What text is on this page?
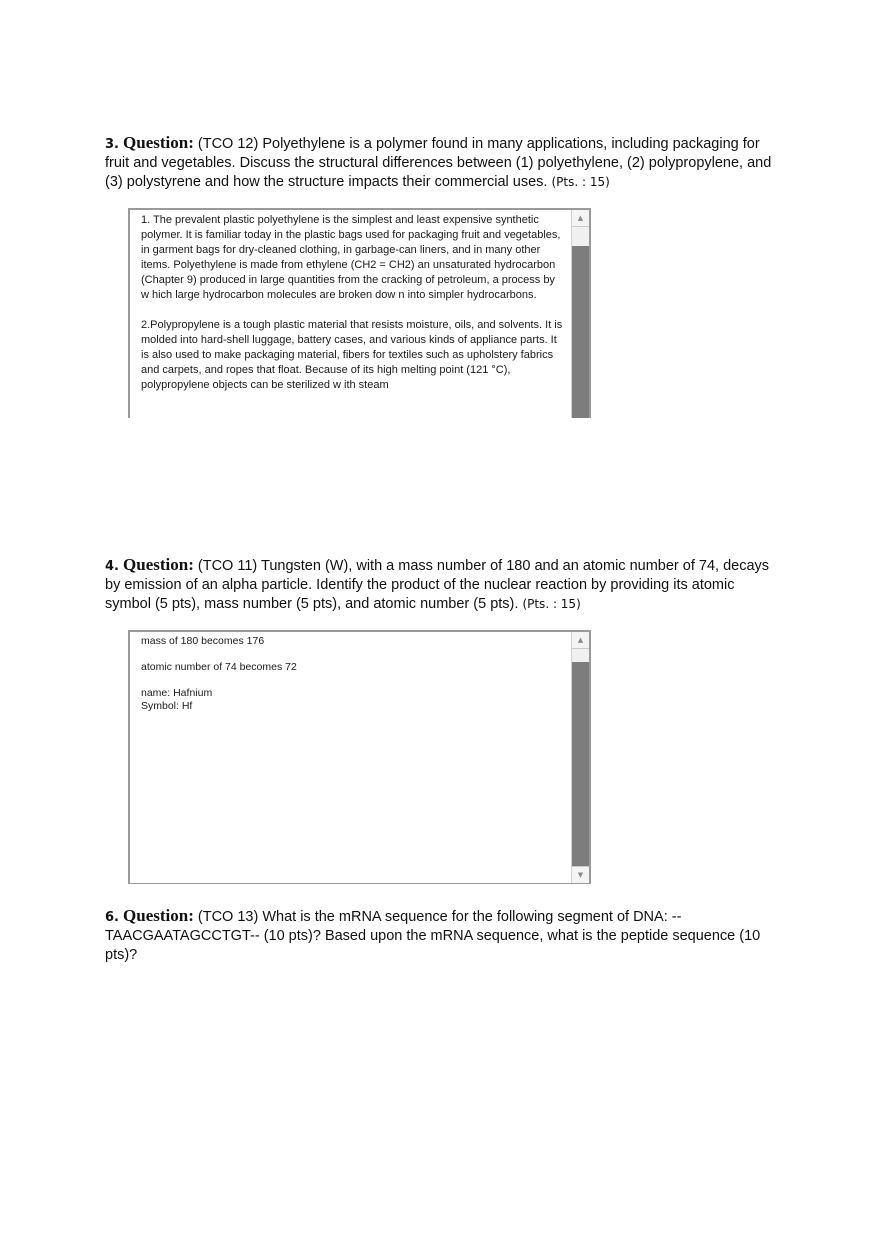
3. Question: (TCO 12) Polyethylene is a polymer found in many applications, including packaging for fruit and vegetables. Discuss the structural differences between (1) polyethylene, (2) polypropylene, and (3) polystyrene and how the structure impacts their commercial uses. (Pts. : 15)

1. The prevalent plastic polyethylene is the simplest and least expensive synthetic polymer. It is familiar today in the plastic bags used for packaging fruit and vegetables, in garment bags for dry-cleaned clothing, in garbage-can liners, and in many other items. Polyethylene is made from ethylene (CH2 = CH2) an unsaturated hydrocarbon (Chapter 9) produced in large quantities from the cracking of petroleum, a process by w hich large hydrocarbon molecules are broken dow n into simpler hydrocarbons.

2.Polypropylene is a tough plastic material that resists moisture, oils, and solvents. It is molded into hard-shell luggage, battery cases, and various kinds of appliance parts. It is also used to make packaging material, fibers for textiles such as upholstery fabrics and carpets, and ropes that float. Because of its high melting point (121 °C), polypropylene objects can be sterilized w ith steam

▲

4. Question: (TCO 11) Tungsten (W), with a mass number of 180 and an atomic number of 74, decays by emission of an alpha particle. Identify the product of the nuclear reaction by providing its atomic symbol (5 pts), mass number (5 pts), and atomic number (5 pts). (Pts. : 15)

mass of 180 becomes 176

atomic number of 74 becomes 72

name: Hafnium
Symbol: Hf

▲
▼

6. Question: (TCO 13) What is the mRNA sequence for the following segment of DNA: --TAACGAATAGCCTGT-- (10 pts)? Based upon the mRNA sequence, what is the peptide sequence (10 pts)?
